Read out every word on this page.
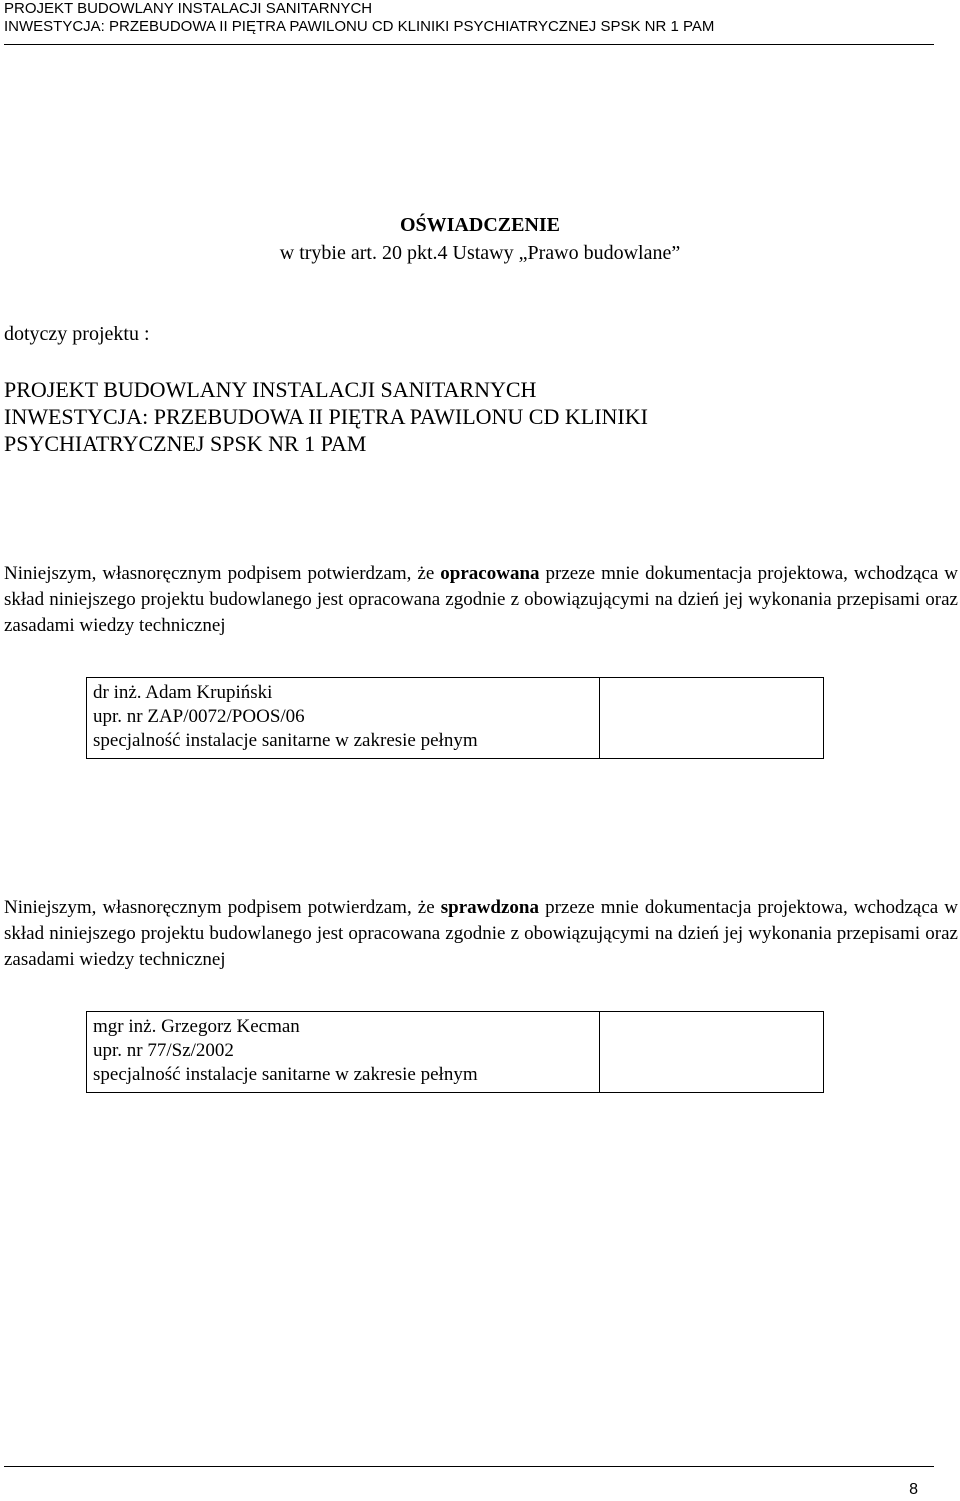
PROJEKT BUDOWLANY INSTALACJI SANITARNYCH
INWESTYCJA: PRZEBUDOWA II PIĘTRA PAWILONU CD KLINIKI PSYCHIATRYCZNEJ SPSK NR 1 PAM
OŚWIADCZENIE
w trybie art. 20 pkt.4 Ustawy „Prawo budowlane”
dotyczy projektu :
PROJEKT BUDOWLANY INSTALACJI SANITARNYCH
INWESTYCJA: PRZEBUDOWA II PIĘTRA PAWILONU CD KLINIKI
PSYCHIATRYCZNEJ SPSK NR 1 PAM
Niniejszym, własnoręcznym podpisem potwierdzam, że opracowana przeze mnie dokumentacja projektowa, wchodząca w skład niniejszego projektu budowlanego jest opracowana zgodnie z obowiązującymi na dzień jej wykonania przepisami oraz zasadami wiedzy technicznej
dr inż. Adam Krupiński
upr. nr ZAP/0072/POOS/06
specjalność instalacje sanitarne w zakresie pełnym

Niniejszym, własnoręcznym podpisem potwierdzam, że sprawdzona przeze mnie dokumentacja projektowa, wchodząca w skład niniejszego projektu budowlanego jest opracowana zgodnie z obowiązującymi na dzień jej wykonania przepisami oraz zasadami wiedzy technicznej
mgr inż. Grzegorz Kecman
upr. nr 77/Sz/2002
specjalność instalacje sanitarne w zakresie pełnym

8
